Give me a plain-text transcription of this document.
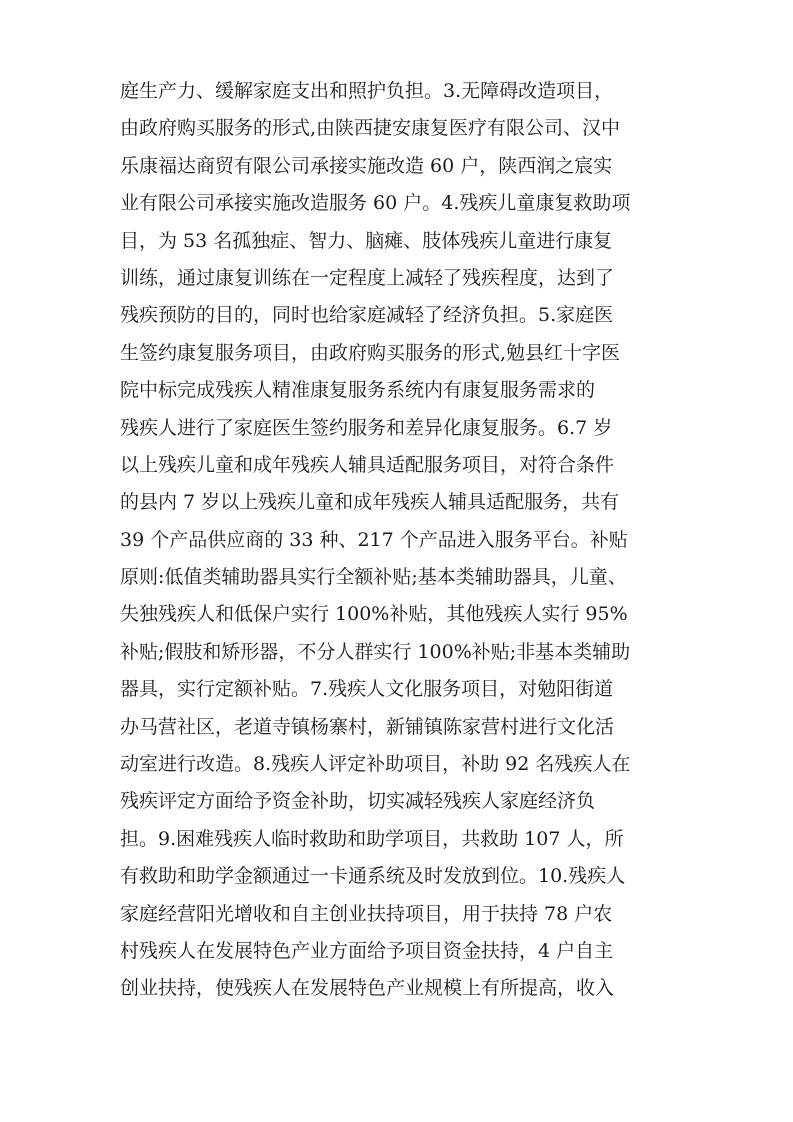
庭生产力、缓解家庭支出和照护负担。3.无障碍改造项目，
由政府购买服务的形式,由陕西捷安康复医疗有限公司、汉中
乐康福达商贸有限公司承接实施改造 60 户，陕西润之宸实
业有限公司承接实施改造服务 60 户。4.残疾儿童康复救助项
目，为 53 名孤独症、智力、脑瘫、肢体残疾儿童进行康复
训练，通过康复训练在一定程度上减轻了残疾程度，达到了
残疾预防的目的，同时也给家庭减轻了经济负担。5.家庭医
生签约康复服务项目，由政府购买服务的形式,勉县红十字医
院中标完成残疾人精准康复服务系统内有康复服务需求的
残疾人进行了家庭医生签约服务和差异化康复服务。6.7 岁
以上残疾儿童和成年残疾人辅具适配服务项目，对符合条件
的县内 7 岁以上残疾儿童和成年残疾人辅具适配服务，共有
39 个产品供应商的 33 种、217 个产品进入服务平台。补贴
原则:低值类辅助器具实行全额补贴;基本类辅助器具，儿童、
失独残疾人和低保户实行 100%补贴，其他残疾人实行 95%
补贴;假肢和矫形器，不分人群实行 100%补贴;非基本类辅助
器具，实行定额补贴。7.残疾人文化服务项目，对勉阳街道
办马营社区，老道寺镇杨寨村，新铺镇陈家营村进行文化活
动室进行改造。8.残疾人评定补助项目，补助 92 名残疾人在
残疾评定方面给予资金补助，切实减轻残疾人家庭经济负
担。9.困难残疾人临时救助和助学项目，共救助 107 人，所
有救助和助学金额通过一卡通系统及时发放到位。10.残疾人
家庭经营阳光增收和自主创业扶持项目，用于扶持 78 户农
村残疾人在发展特色产业方面给予项目资金扶持，4 户自主
创业扶持，使残疾人在发展特色产业规模上有所提高，收入
